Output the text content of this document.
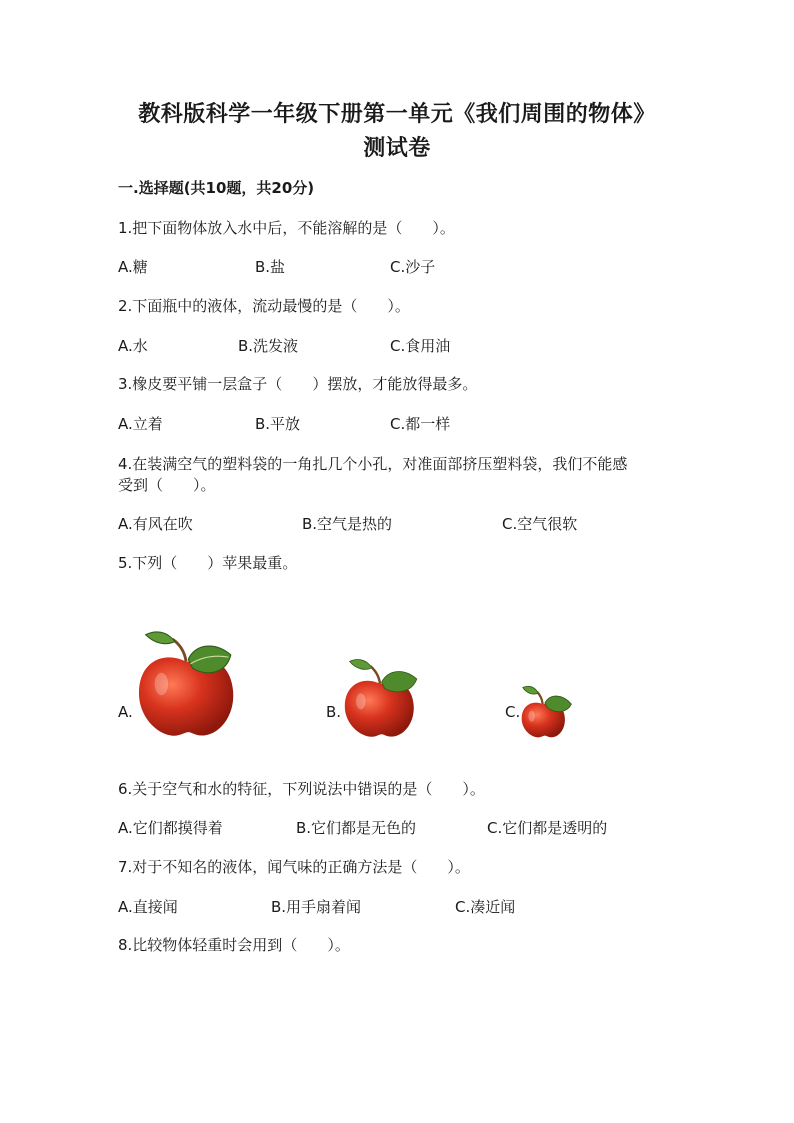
教科版科学一年级下册第一单元《我们周围的物体》
测试卷
一.选择题(共10题，共20分)
1.把下面物体放入水中后，不能溶解的是（　　）。
A.糖	B.盐	C.沙子
2.下面瓶中的液体，流动最慢的是（　　）。
A.水	B.洗发液	C.食用油
3.橡皮要平铺一层盒子（　　）摆放，才能放得最多。
A.立着	B.平放	C.都一样
4.在装满空气的塑料袋的一角扎几个小孔，对准面部挤压塑料袋，我们不能感
受到（　　）。
A.有风在吹	B.空气是热的	C.空气很软
5.下列（　　）苹果最重。
A.	B.	C.
6.关于空气和水的特征，下列说法中错误的是（　　）。
A.它们都摸得着	B.它们都是无色的	C.它们都是透明的
7.对于不知名的液体，闻气味的正确方法是（　　）。
A.直接闻	B.用手扇着闻	C.凑近闻
8.比较物体轻重时会用到（　　）。
